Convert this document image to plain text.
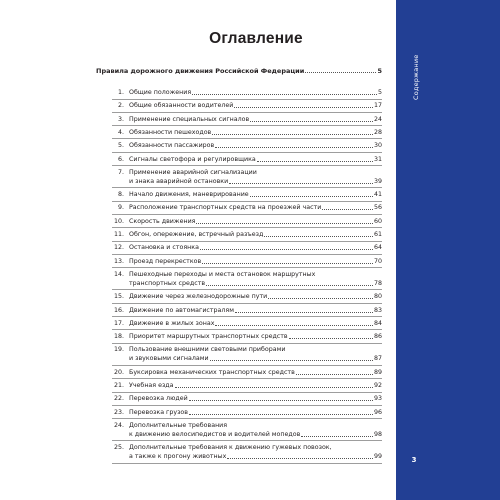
Содержание
3
Оглавление
Правила дорожного движения Российской Федерации	5
1. Общие положения	5
2. Общие обязанности водителей	17
3. Применение специальных сигналов	24
4. Обязанности пешеходов	28
5. Обязанности пассажиров	30
6. Сигналы светофора и регулировщика	31
7. Применение аварийной сигнализации
и знака аварийной остановки	39
8. Начало движения, маневрирование	41
9. Расположение транспортных средств на проезжей части	56
10. Скорость движения	60
11. Обгон, опережение, встречный разъезд	61
12. Остановка и стоянка	64
13. Проезд перекрестков	70
14. Пешеходные переходы и места остановок маршрутных
транспортных средств	78
15. Движение через железнодорожные пути	80
16. Движение по автомагистралям	83
17. Движение в жилых зонах	84
18. Приоритет маршрутных транспортных средств	86
19. Пользование внешними световыми приборами
и звуковыми сигналами	87
20. Буксировка механических транспортных средств	89
21. Учебная езда	92
22. Перевозка людей	93
23. Перевозка грузов	96
24. Дополнительные требования
к движению велосипедистов и водителей мопедов	98
25. Дополнительные требования к движению гужевых повозок,
а также к прогону животных	99
